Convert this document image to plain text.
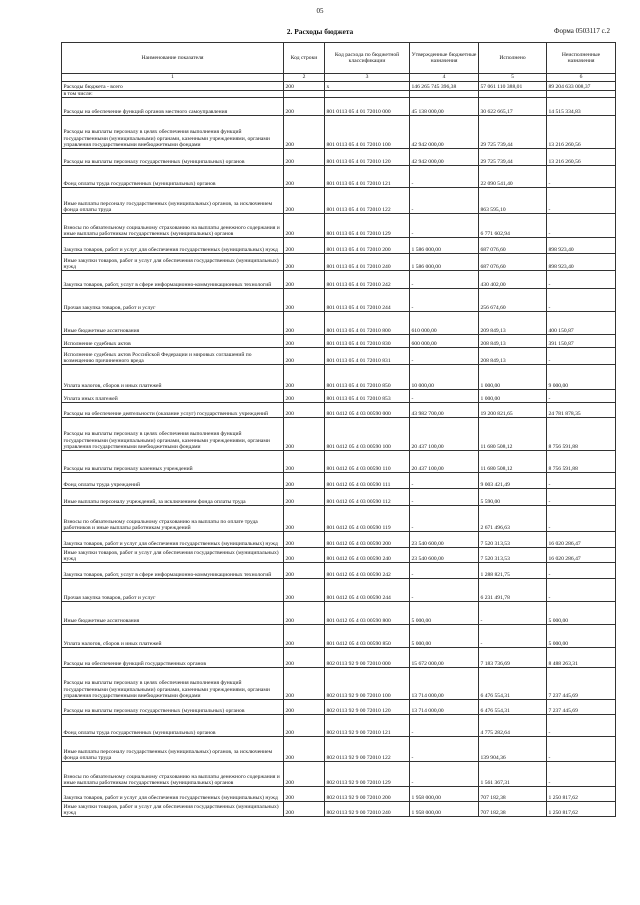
05
2. Расходы бюджета	Форма 0503117 с.2
Наименование показателя	Код строки	Код расхода по бюджетной классификации	Утвержденные бюджетные назначения	Исполнено	Неисполненные назначения
1	2	3	4	5	6
Расходы бюджета - всего	200	x	146 265 745 396,38	57 061 110 388,01	89 204 633 008,37
в том числе:					
Расходы на обеспечение функций органов местного самоуправления	200	801 0113 05 4 01 72010 000	45 138 000,00	30 622 665,17	14 515 334,83
Расходы на выплаты персоналу в целях обеспечения выполнения функций государственными (муниципальными) органами, казенными учреждениями, органами управления государственными внебюджетными фондами	200	801 0113 05 4 01 72010 100	42 942 000,00	29 725 739,44	13 216 260,56
Расходы на выплаты персоналу государственных (муниципальных) органов	200	801 0113 05 4 01 72010 120	42 942 000,00	29 725 739,44	13 216 260,56
Фонд оплаты труда государственных (муниципальных) органов	200	801 0113 05 4 01 72010 121	-	22 090 541,40	-
Иные выплаты персоналу государственных (муниципальных) органов, за исключением фонда оплаты труда	200	801 0113 05 4 01 72010 122	-	863 595,10	-
Взносы по обязательному социальному страхованию на выплаты денежного содержания и иные выплаты работникам государственных (муниципальных) органов	200	801 0113 05 4 01 72010 129	-	6 771 602,94	-
Закупка товаров, работ и услуг для обеспечения государственных (муниципальных) нужд	200	801 0113 05 4 01 72010 200	1 586 000,00	687 076,60	898 923,40
Иные закупки товаров, работ и услуг для обеспечения государственных (муниципальных) нужд	200	801 0113 05 4 01 72010 240	1 586 000,00	687 076,60	898 923,40
Закупка товаров, работ, услуг в сфере информационно-коммуникационных технологий	200	801 0113 05 4 01 72010 242	-	430 402,00	-
Прочая закупка товаров, работ и услуг	200	801 0113 05 4 01 72010 244	-	256 674,60	-
Иные бюджетные ассигнования	200	801 0113 05 4 01 72010 800	610 000,00	209 849,13	400 150,87
Исполнение судебных актов	200	801 0113 05 4 01 72010 830	600 000,00	208 849,13	391 150,87
Исполнение судебных актов Российской Федерации и мировых соглашений по возмещению причиненного вреда	200	801 0113 05 4 01 72010 831	-	208 849,13	-
Уплата налогов, сборов и иных платежей	200	801 0113 05 4 01 72010 850	10 000,00	1 000,00	9 000,00
Уплата иных платежей	200	801 0113 05 4 01 72010 853	-	1 000,00	-
Расходы на обеспечение деятельности (оказание услуг) государственных учреждений	200	801 0412 05 4 03 00590 000	43 982 700,00	19 200 821,65	24 781 878,35
Расходы на выплаты персоналу в целях обеспечения выполнения функций государственными (муниципальными) органами, казенными учреждениями, органами управления государственными внебюджетными фондами	200	801 0412 05 4 03 00590 100	20 437 100,00	11 680 508,12	8 756 591,88
Расходы на выплаты персоналу казенных учреждений	200	801 0412 05 4 03 00590 110	20 437 100,00	11 680 508,12	8 756 591,88
Фонд оплаты труда учреждений	200	801 0412 05 4 03 00590 111	-	9 003 421,49	-
Иные выплаты персоналу учреждений, за исключением фонда оплаты труда	200	801 0412 05 4 03 00590 112	-	5 590,00	-
Взносы по обязательному социальному страхованию на выплаты по оплате труда работников и иные выплаты работникам учреждений	200	801 0412 05 4 03 00590 119	-	2 671 496,63	-
Закупка товаров, работ и услуг для обеспечения государственных (муниципальных) нужд	200	801 0412 05 4 03 00590 200	23 540 600,00	7 520 313,53	16 020 286,47
Иные закупки товаров, работ и услуг для обеспечения государственных (муниципальных) нужд	200	801 0412 05 4 03 00590 240	23 540 600,00	7 520 313,53	16 020 286,47
Закупка товаров, работ, услуг в сфере информационно-коммуникационных технологий	200	801 0412 05 4 03 00590 242	-	1 288 821,75	-
Прочая закупка товаров, работ и услуг	200	801 0412 05 4 03 00590 244	-	6 231 491,78	-
Иные бюджетные ассигнования	200	801 0412 05 4 03 00590 800	5 000,00	-	5 000,00
Уплата налогов, сборов и иных платежей	200	801 0412 05 4 03 00590 850	5 000,00	-	5 000,00
Расходы на обеспечение функций государственных органов	200	802 0113 92 9 00 72010 000	15 672 000,00	7 183 736,69	8 488 263,31
Расходы на выплаты персоналу в целях обеспечения выполнения функций государственными (муниципальными) органами, казенными учреждениями, органами управления государственными внебюджетными фондами	200	802 0113 92 9 00 72010 100	13 714 000,00	6 476 554,31	7 237 445,69
Расходы на выплаты персоналу государственных (муниципальных) органов	200	802 0113 92 9 00 72010 120	13 714 000,00	6 476 554,31	7 237 445,69
Фонд оплаты труда государственных (муниципальных) органов	200	802 0113 92 9 00 72010 121	-	4 775 282,64	-
Иные выплаты персоналу государственных (муниципальных) органов, за исключением фонда оплаты труда	200	802 0113 92 9 00 72010 122	-	139 904,36	-
Взносы по обязательному социальному страхованию на выплаты денежного содержания и иные выплаты работникам государственных (муниципальных) органов	200	802 0113 92 9 00 72010 129	-	1 561 367,31	-
Закупка товаров, работ и услуг для обеспечения государственных (муниципальных) нужд	200	802 0113 92 9 00 72010 200	1 958 000,00	707 182,38	1 250 817,62
Иные закупки товаров, работ и услуг для обеспечения государственных (муниципальных) нужд	200	802 0113 92 9 00 72010 240	1 958 000,00	707 182,38	1 250 817,62
